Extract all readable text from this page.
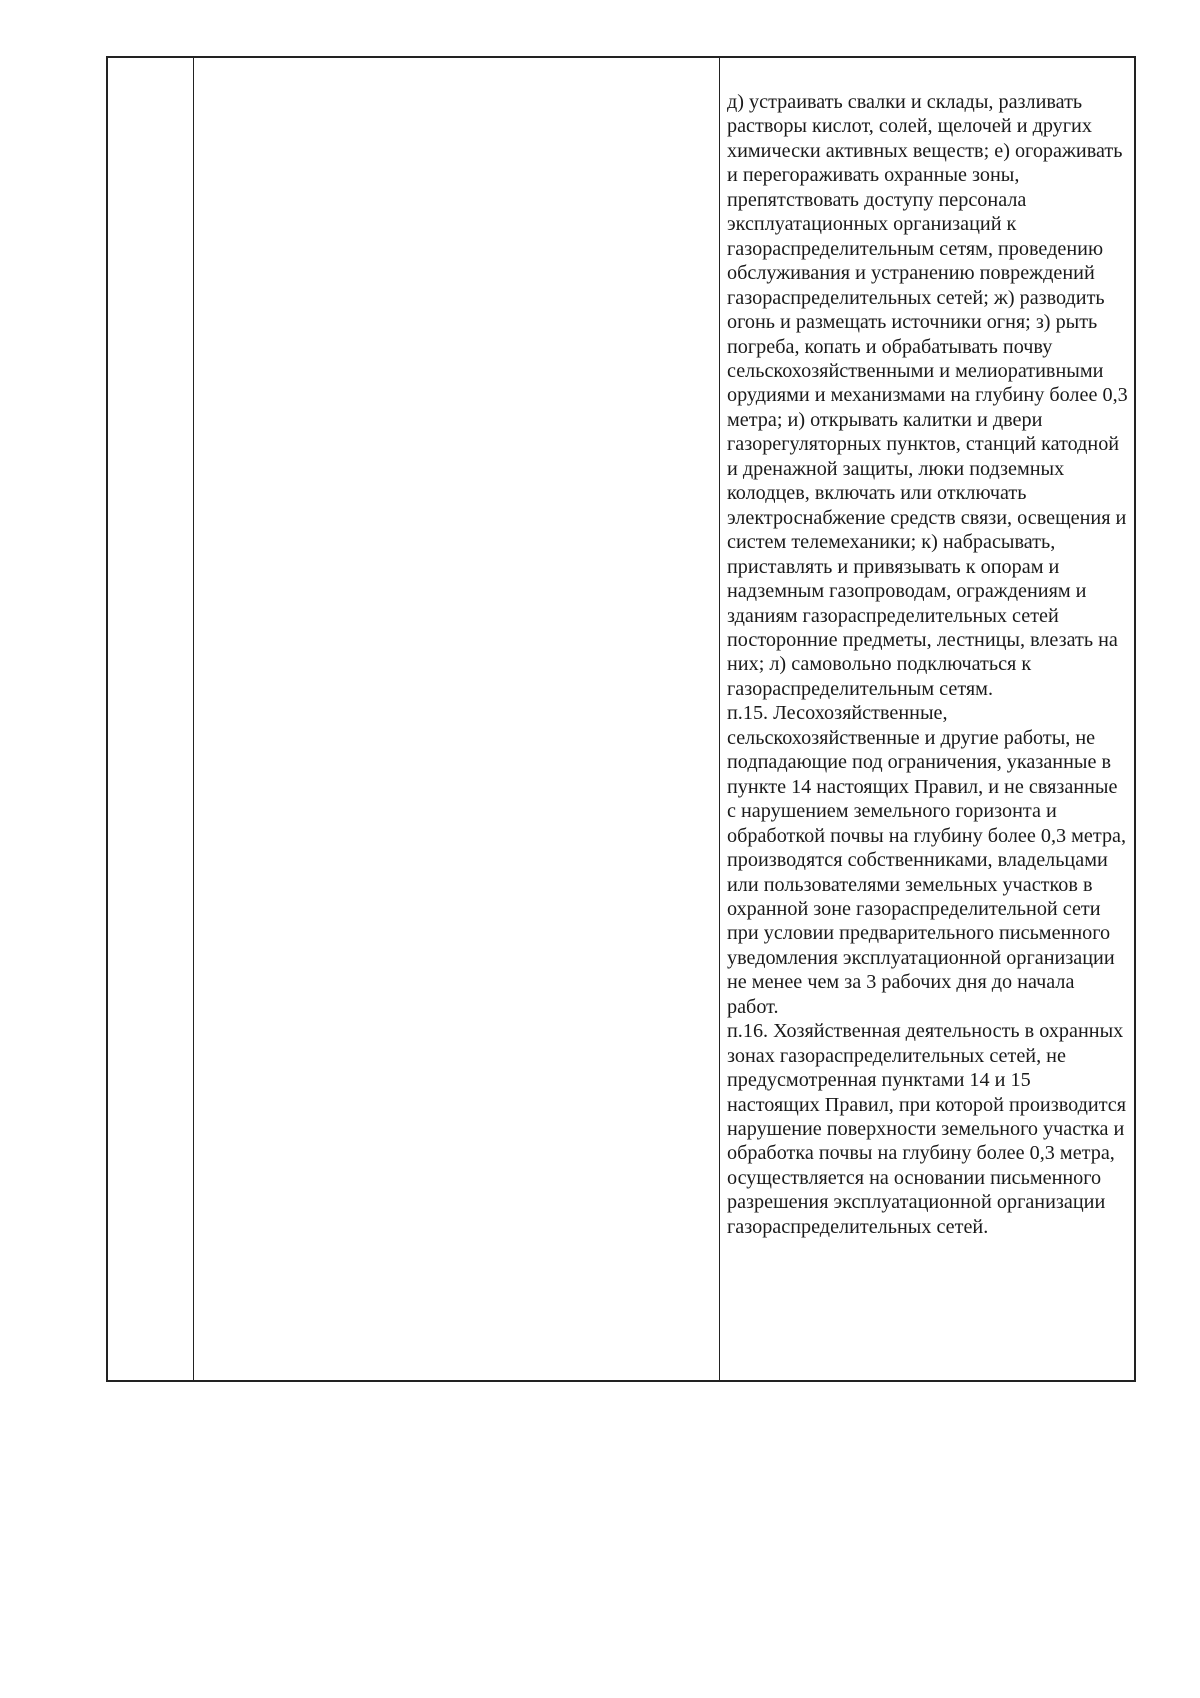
д) устраивать свалки и склады, разливать растворы кислот, солей, щелочей и других химически активных веществ; е) огораживать и перегораживать охранные зоны, препятствовать доступу персонала эксплуатационных организаций к газораспределительным сетям, проведению обслуживания и устранению повреждений газораспределительных сетей; ж) разводить огонь и размещать источники огня; з) рыть погреба, копать и обрабатывать почву сельскохозяйственными и мелиоративными орудиями и механизмами на глубину более 0,3 метра; и) открывать калитки и двери газорегуляторных пунктов, станций катодной и дренажной защиты, люки подземных колодцев, включать или отключать электроснабжение средств связи, освещения и систем телемеханики; к) набрасывать, приставлять и привязывать к опорам и надземным газопроводам, ограждениям и зданиям газораспределительных сетей посторонние предметы, лестницы, влезать на них; л) самовольно подключаться к газораспределительным сетям.

п.15. Лесохозяйственные, сельскохозяйственные и другие работы, не подпадающие под ограничения, указанные в пункте 14 настоящих Правил, и не связанные с нарушением земельного горизонта и обработкой почвы на глубину более 0,3 метра, производятся собственниками, владельцами или пользователями земельных участков в охранной зоне газораспределительной сети при условии предварительного письменного уведомления эксплуатационной организации не менее чем за 3 рабочих дня до начала работ.

п.16. Хозяйственная деятельность в охранных зонах газораспределительных сетей, не предусмотренная пунктами 14 и 15 настоящих Правил, при которой производится нарушение поверхности земельного участка и обработка почвы на глубину более 0,3 метра, осуществляется на основании письменного разрешения эксплуатационной организации газораспределительных сетей.
